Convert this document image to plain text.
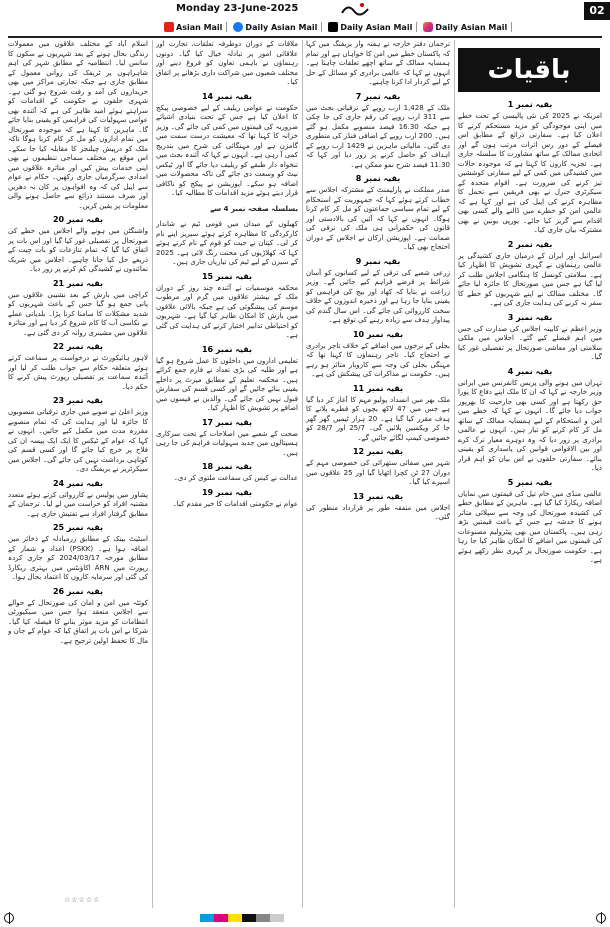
Monday 23-June-2025	02
Asian Mail	Daily Asian Mail	Daily Asian Mail	Daily Asian Mail
باقیات

اسلام آباد کے مختلف علاقوں میں معمولات زندگی بحال ہونے کے بعد شہریوں نے سکون کا سانس لیا۔ انتظامیہ کے مطابق شہر کی اہم شاہراہوں پر ٹریفک کی روانی معمول کے مطابق جاری ہے جبکہ تجارتی مراکز میں بھی خریداروں کی آمد و رفت شروع ہو گئی ہے۔ شہری حلقوں نے حکومت کے اقدامات کو سراہتے ہوئے امید ظاہر کی ہے کہ آئندہ بھی عوامی سہولیات کی فراہمی کو یقینی بنایا جائے گا۔ ماہرین کا کہنا ہے کہ موجودہ صورتحال میں تمام اداروں کو مل کر کام کرنا ہوگا تاکہ ملک کو درپیش چیلنجز کا مقابلہ کیا جا سکے۔ اس موقع پر مختلف سماجی تنظیموں نے بھی اپنی خدمات پیش کیں اور متاثرہ علاقوں میں امدادی سرگرمیاں جاری رکھیں۔ حکام نے عوام سے اپیل کی کہ وہ افواہوں پر کان نہ دھریں اور صرف مستند ذرائع سے حاصل ہونے والی معلومات پر یقین کریں۔

بقیہ نمبر 20

واشنگٹن میں ہونے والے اجلاس میں خطے کی صورتحال پر تفصیلی غور کیا گیا اور اس بات پر اتفاق کیا گیا کہ تمام تنازعات کو بات چیت کے ذریعے حل کیا جانا چاہیے۔ اجلاس میں شریک نمائندوں نے کشیدگی کم کرنے پر زور دیا۔

بقیہ نمبر 21

کراچی میں بارش کے بعد نشیبی علاقوں میں پانی جمع ہو گیا جس کے باعث شہریوں کو شدید مشکلات کا سامنا کرنا پڑا۔ بلدیاتی عملے نے نکاسی آب کا کام شروع کر دیا ہے اور متاثرہ علاقوں میں مشینری روانہ کر دی گئی ہے۔

بقیہ نمبر 22

لاہور ہائیکورٹ نے درخواست پر سماعت کرتے ہوئے متعلقہ حکام سے جواب طلب کر لیا اور آئندہ سماعت پر تفصیلی رپورٹ پیش کرنے کا حکم دیا۔

بقیہ نمبر 23

وزیر اعلیٰ نے صوبے میں جاری ترقیاتی منصوبوں کا جائزہ لیا اور ہدایت کی کہ تمام منصوبے مقررہ مدت میں مکمل کیے جائیں۔ انہوں نے کہا کہ عوام کے ٹیکس کا ایک ایک پیسہ ان کی فلاح پر خرچ کیا جائے گا اور کسی قسم کی کوتاہی برداشت نہیں کی جائے گی۔ اجلاس میں سیکرٹریز نے بریفنگ دی۔

بقیہ نمبر 24

پشاور میں پولیس نے کارروائی کرتے ہوئے متعدد مشتبہ افراد کو حراست میں لے لیا۔ ترجمان کے مطابق گرفتار افراد سے تفتیش جاری ہے۔

بقیہ نمبر 25

اسٹیٹ بینک کے مطابق زرمبادلہ کے ذخائر میں اضافہ ہوا ہے۔ (PSKK) اعداد و شمار کے مطابق مورخہ 2024/03/17 کو جاری کردہ رپورٹ میں ARN اکاؤنٹس میں بہتری ریکارڈ کی گئی اور سرمایہ کاروں کا اعتماد بحال ہوا۔

بقیہ نمبر 26

کوئٹہ میں امن و امان کی صورتحال کے حوالے سے اجلاس منعقد ہوا جس میں سیکیورٹی انتظامات کو مزید موثر بنانے کا فیصلہ کیا گیا۔ شرکا نے اس بات پر اتفاق کیا کہ عوام کے جان و مال کا تحفظ اولین ترجیح ہے۔

ملاقات کے دوران دوطرفہ تعلقات، تجارت اور علاقائی امور پر تبادلہ خیال کیا گیا۔ دونوں رہنماؤں نے باہمی تعاون کو فروغ دینے اور مختلف شعبوں میں شراکت داری بڑھانے پر اتفاق کیا۔

بقیہ نمبر 14

حکومت نے عوامی ریلیف کے لیے خصوصی پیکج کا اعلان کیا ہے جس کے تحت بنیادی اشیائے ضروریہ کی قیمتوں میں کمی کی جائے گی۔ وزیر خزانہ کا کہنا تھا کہ معیشت درست سمت میں گامزن ہے اور مہنگائی کی شرح میں بتدریج کمی آ رہی ہے۔ انہوں نے کہا کہ آئندہ بجٹ میں تنخواہ دار طبقے کو ریلیف دیا جائے گا اور ٹیکس نیٹ کو وسعت دی جائے گی تاکہ محصولات میں اضافہ ہو سکے۔ اپوزیشن نے پیکج کو ناکافی قرار دیتے ہوئے مزید اقدامات کا مطالبہ کیا۔

بسلسلہ صفحہ نمبر 4 سے

کھیلوں کے میدان میں قومی ٹیم نے شاندار کارکردگی کا مظاہرہ کرتے ہوئے سیریز اپنے نام کر لی۔ کپتان نے جیت کو قوم کے نام کرتے ہوئے کہا کہ کھلاڑیوں کی محنت رنگ لائی ہے۔ 2025 کے سیزن کے لیے ٹیم کی تیاریاں جاری ہیں۔

بقیہ نمبر 15

محکمہ موسمیات نے آئندہ چند روز کے دوران ملک کے بیشتر علاقوں میں گرم اور مرطوب موسم کی پیشگوئی کی ہے جبکہ بالائی علاقوں میں بارش کا امکان ظاہر کیا گیا ہے۔ شہریوں کو احتیاطی تدابیر اختیار کرنے کی ہدایت کی گئی ہے۔

بقیہ نمبر 16

تعلیمی اداروں میں داخلوں کا عمل شروع ہو گیا ہے اور طلبہ کی بڑی تعداد نے فارم جمع کرائے ہیں۔ محکمہ تعلیم کے مطابق میرٹ پر داخلے یقینی بنائے جائیں گے اور کسی قسم کی سفارش قبول نہیں کی جائے گی۔ والدین نے فیسوں میں اضافے پر تشویش کا اظہار کیا۔

بقیہ نمبر 17

صحت کے شعبے میں اصلاحات کے تحت سرکاری ہسپتالوں میں جدید سہولیات فراہم کی جا رہی ہیں۔

بقیہ نمبر 18

عدالت نے کیس کی سماعت ملتوی کر دی۔

بقیہ نمبر 19

عوام نے حکومتی اقدامات کا خیر مقدم کیا۔

ترجمان دفتر خارجہ نے ہفتہ وار بریفنگ میں کہا کہ پاکستان خطے میں امن کا خواہاں ہے اور تمام ہمسایہ ممالک کے ساتھ اچھے تعلقات چاہتا ہے۔ انہوں نے کہا کہ عالمی برادری کو مسائل کے حل کے لیے کردار ادا کرنا چاہیے۔

بقیہ نمبر 7

ملک کے 1,428 ارب روپے کے ترقیاتی بجٹ میں سے 311 ارب روپے کی رقم جاری کی جا چکی ہے جبکہ 16.30 فیصد منصوبے مکمل ہو گئے ہیں۔ 200 ارب روپے کے اضافی فنڈز کی منظوری دی گئی۔ مالیاتی ماہرین نے 1429 ارب روپے کے اہداف کو حاصل کرنے پر زور دیا اور کہا کہ 11.30 فیصد شرح نمو ممکن ہے۔

بقیہ نمبر 8

صدر مملکت نے پارلیمنٹ کے مشترکہ اجلاس سے خطاب کرتے ہوئے کہا کہ جمہوریت کے استحکام کے لیے تمام سیاسی جماعتوں کو مل کر کام کرنا ہوگا۔ انہوں نے کہا کہ آئین کی بالادستی اور قانون کی حکمرانی ہی ملک کی ترقی کی ضمانت ہے۔ اپوزیشن ارکان نے اجلاس کے دوران احتجاج بھی کیا۔

بقیہ نمبر 9

زرعی شعبے کی ترقی کے لیے کسانوں کو آسان شرائط پر قرضے فراہم کیے جائیں گے۔ وزیر زراعت نے بتایا کہ کھاد اور بیج کی فراہمی کو یقینی بنایا جا رہا ہے اور ذخیرہ اندوزوں کے خلاف سخت کارروائی کی جائے گی۔ اس سال گندم کی پیداوار ہدف سے زیادہ رہنے کی توقع ہے۔

بقیہ نمبر 10

بجلی کے نرخوں میں اضافے کے خلاف تاجر برادری نے احتجاج کیا۔ تاجر رہنماؤں کا کہنا تھا کہ مہنگی بجلی کی وجہ سے کاروبار متاثر ہو رہے ہیں۔ حکومت نے مذاکرات کی پیشکش کی ہے۔

بقیہ نمبر 11

ملک بھر میں انسداد پولیو مہم کا آغاز کر دیا گیا ہے جس میں 47 لاکھ بچوں کو قطرے پلانے کا ہدف مقرر کیا گیا ہے۔ 20 ہزار ٹیمیں گھر گھر جا کر ویکسین پلائیں گی۔ 25/7 اور 28/7 کو خصوصی کیمپ لگائے جائیں گے۔

بقیہ نمبر 12

شہر میں صفائی ستھرائی کی خصوصی مہم کے دوران 27 ٹن کچرا اٹھایا گیا اور 25 علاقوں میں اسپرے کیا گیا۔

بقیہ نمبر 13

اجلاس میں متفقہ طور پر قرارداد منظور کی گئی۔

بقیہ نمبر 1

امریکہ نے 2025 کی نئی پالیسی کے تحت خطے میں اپنی موجودگی کو مزید مستحکم کرنے کا اعلان کیا ہے۔ سفارتی ذرائع کے مطابق اس فیصلے کے دور رس اثرات مرتب ہوں گے اور اتحادی ممالک کے ساتھ مشاورت کا سلسلہ جاری ہے۔ تجزیہ کاروں کا کہنا ہے کہ موجودہ حالات میں کشیدگی میں کمی کے لیے سفارتی کوششیں تیز کرنے کی ضرورت ہے۔ اقوام متحدہ کے سیکرٹری جنرل نے بھی فریقین سے تحمل کا مظاہرہ کرنے کی اپیل کی ہے اور کہا ہے کہ عالمی امن کو خطرے میں ڈالنے والے کسی بھی اقدام سے گریز کیا جائے۔ یورپی یونین نے بھی مشترکہ بیان جاری کیا۔

بقیہ نمبر 2

اسرائیل اور ایران کے درمیان جاری کشیدگی پر عالمی رہنماؤں نے گہری تشویش کا اظہار کیا ہے۔ سلامتی کونسل کا ہنگامی اجلاس طلب کر لیا گیا ہے جس میں صورتحال کا جائزہ لیا جائے گا۔ مختلف ممالک نے اپنے شہریوں کو خطے کا سفر نہ کرنے کی ہدایت جاری کی ہے۔

بقیہ نمبر 3

وزیر اعظم نے کابینہ اجلاس کی صدارت کی جس میں اہم فیصلے کیے گئے۔ اجلاس میں ملکی سلامتی اور معاشی صورتحال پر تفصیلی غور کیا گیا۔

بقیہ نمبر 4

تہران میں ہونے والی پریس کانفرنس میں ایرانی وزیر خارجہ نے کہا کہ ان کا ملک اپنے دفاع کا پورا حق رکھتا ہے اور کسی بھی جارحیت کا بھرپور جواب دیا جائے گا۔ انہوں نے کہا کہ خطے میں امن و استحکام کے لیے ہمسایہ ممالک کے ساتھ مل کر کام کرنے کو تیار ہیں۔ انہوں نے عالمی برادری پر زور دیا کہ وہ دوہرے معیار ترک کرے اور بین الاقوامی قوانین کی پاسداری کو یقینی بنائے۔ سفارتی حلقوں نے اس بیان کو اہم قرار دیا۔

بقیہ نمبر 5

عالمی منڈی میں خام تیل کی قیمتوں میں نمایاں اضافہ ریکارڈ کیا گیا ہے۔ ماہرین کے مطابق خطے کی کشیدہ صورتحال کی وجہ سے سپلائی متاثر ہونے کا خدشہ ہے جس کے باعث قیمتیں بڑھ رہی ہیں۔ پاکستان میں بھی پیٹرولیم مصنوعات کی قیمتوں میں اضافے کا امکان ظاہر کیا جا رہا ہے۔ حکومت صورتحال پر گہری نظر رکھے ہوئے ہے۔

☆☆☆☆☆
